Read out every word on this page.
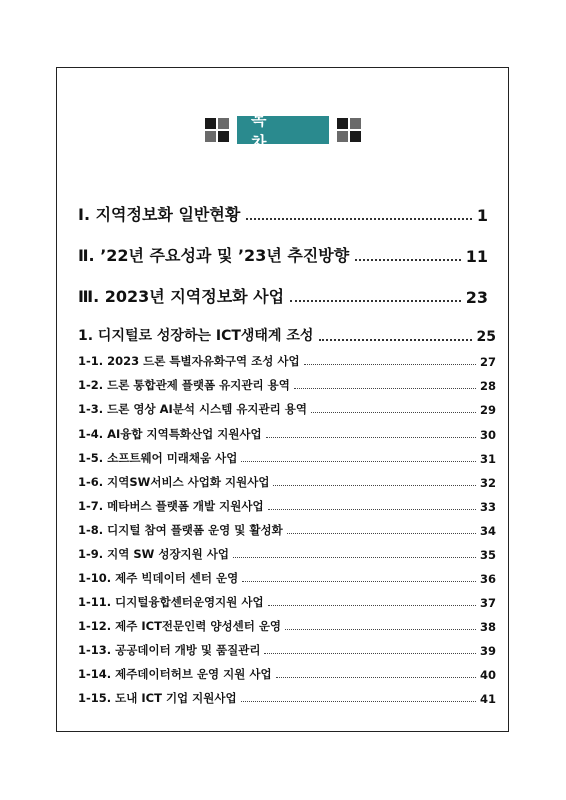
목 차
Ⅰ. 지역정보화 일반현황	1
Ⅱ. ’22년 주요성과 및 ’23년 추진방향	11
Ⅲ. 2023년 지역정보화 사업	23
1. 디지털로 성장하는 ICT생태계 조성	25
1-1. 2023 드론 특별자유화구역 조성 사업	27
1-2. 드론 통합관제 플랫폼 유지관리 용역	28
1-3. 드론 영상 AI분석 시스템 유지관리 용역	29
1-4. AI융합 지역특화산업 지원사업	30
1-5. 소프트웨어 미래채움 사업	31
1-6. 지역SW서비스 사업화 지원사업	32
1-7. 메타버스 플랫폼 개발 지원사업	33
1-8. 디지털 참여 플랫폼 운영 및 활성화	34
1-9. 지역 SW 성장지원 사업	35
1-10. 제주 빅데이터 센터 운영	36
1-11. 디지털융합센터운영지원 사업	37
1-12. 제주 ICT전문인력 양성센터 운영	38
1-13. 공공데이터 개방 및 품질관리	39
1-14. 제주데이터허브 운영 지원 사업	40
1-15. 도내 ICT 기업 지원사업	41
